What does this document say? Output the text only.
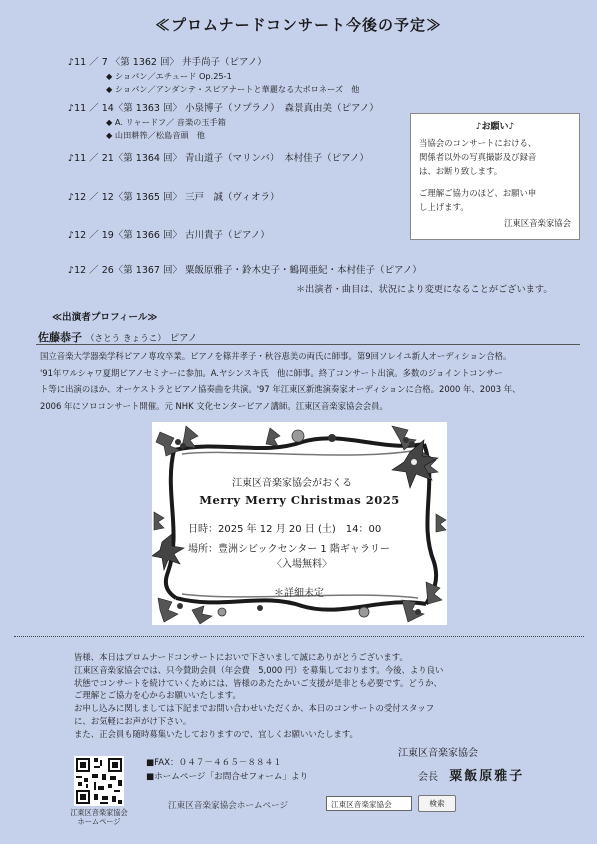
≪プロムナードコンサート今後の予定≫
♪11 ／ 7 〈第 1362 回〉 井手尚子（ピアノ）
◆ ショパン／エチュード Op.25-1
◆ ショパン／アンダンテ・スピアナートと華麗なる大ポロネーズ　他
♪11 ／ 14〈第 1363 回〉 小泉博子（ソプラノ）　森景真由美（ピアノ）
◆ A. リャードフ／ 音楽の玉手箱
◆ 山田耕筰／松島音頭　他
♪11 ／ 21〈第 1364 回〉 青山道子（マリンバ）　本村佳子（ピアノ）
♪12 ／ 12〈第 1365 回〉 三戸　誠（ヴィオラ）
♪12 ／ 19〈第 1366 回〉 古川貴子（ピアノ）
♪12 ／ 26〈第 1367 回〉 粟飯原雅子・鈴木史子・鶴岡亜紀・本村佳子（ピアノ）
＊出演者・曲目は、状況により変更になることがございます。
♪お願い♪
当協会のコンサートにおける、
関係者以外の写真撮影及び録音
は、お断り致します。
ご理解ご協力のほど、お願い申
し上げます。
江東区音楽家協会
≪出演者プロフィール≫
佐藤恭子 （さとう きょうこ） ピアノ
国立音楽大学器楽学科ピアノ専攻卒業。ピアノを篠井孝子・秋谷恵美の両氏に師事。第9回ソレイユ新人オーディション合格。
'91年ワルシャワ夏期ピアノセミナーに参加。A.ヤシンスキ氏　他に師事。終了コンサート出演。多数のジョイントコンサー
ト等に出演のほか、オーケストラとピアノ協奏曲を共演。'97 年江東区新進演奏家オーディションに合格。2000 年、2003 年、
2006 年にソロコンサート開催。元 NHK 文化センターピアノ講師。江東区音楽家協会会員。
江東区音楽家協会がおくる
Merry Merry Christmas 2025
日時：2025 年 12 月 20 日 (土)　14：00
場所：豊洲シビックセンター 1 階ギャラリー
〈入場無料〉
＊詳細未定
皆様、本日はプロムナードコンサートにおいで下さいまして誠にありがとうございます。
江東区音楽家協会では、只今賛助会員（年会費　5,000 円）を募集しております。今後、より良い
状態でコンサートを続けていくためには、皆様のあたたかいご支援が是非とも必要です。どうか、
ご理解とご協力を心からお願いいたします。
お申し込みに関しましては下記までお問い合わせいただくか、本日のコンサートの受付スタッフ
に、お気軽にお声がけ下さい。
また、正会員も随時募集いたしておりますので、宜しくお願いいたします。
江東区音楽家協会
ホームページ
■FAX：０４７－４６５－８８４１
■ホームページ「お問合せフォーム」より
江東区音楽家協会
会長 粟飯原雅子
江東区音楽家協会ホームページ	江東区音楽家協会	検索
